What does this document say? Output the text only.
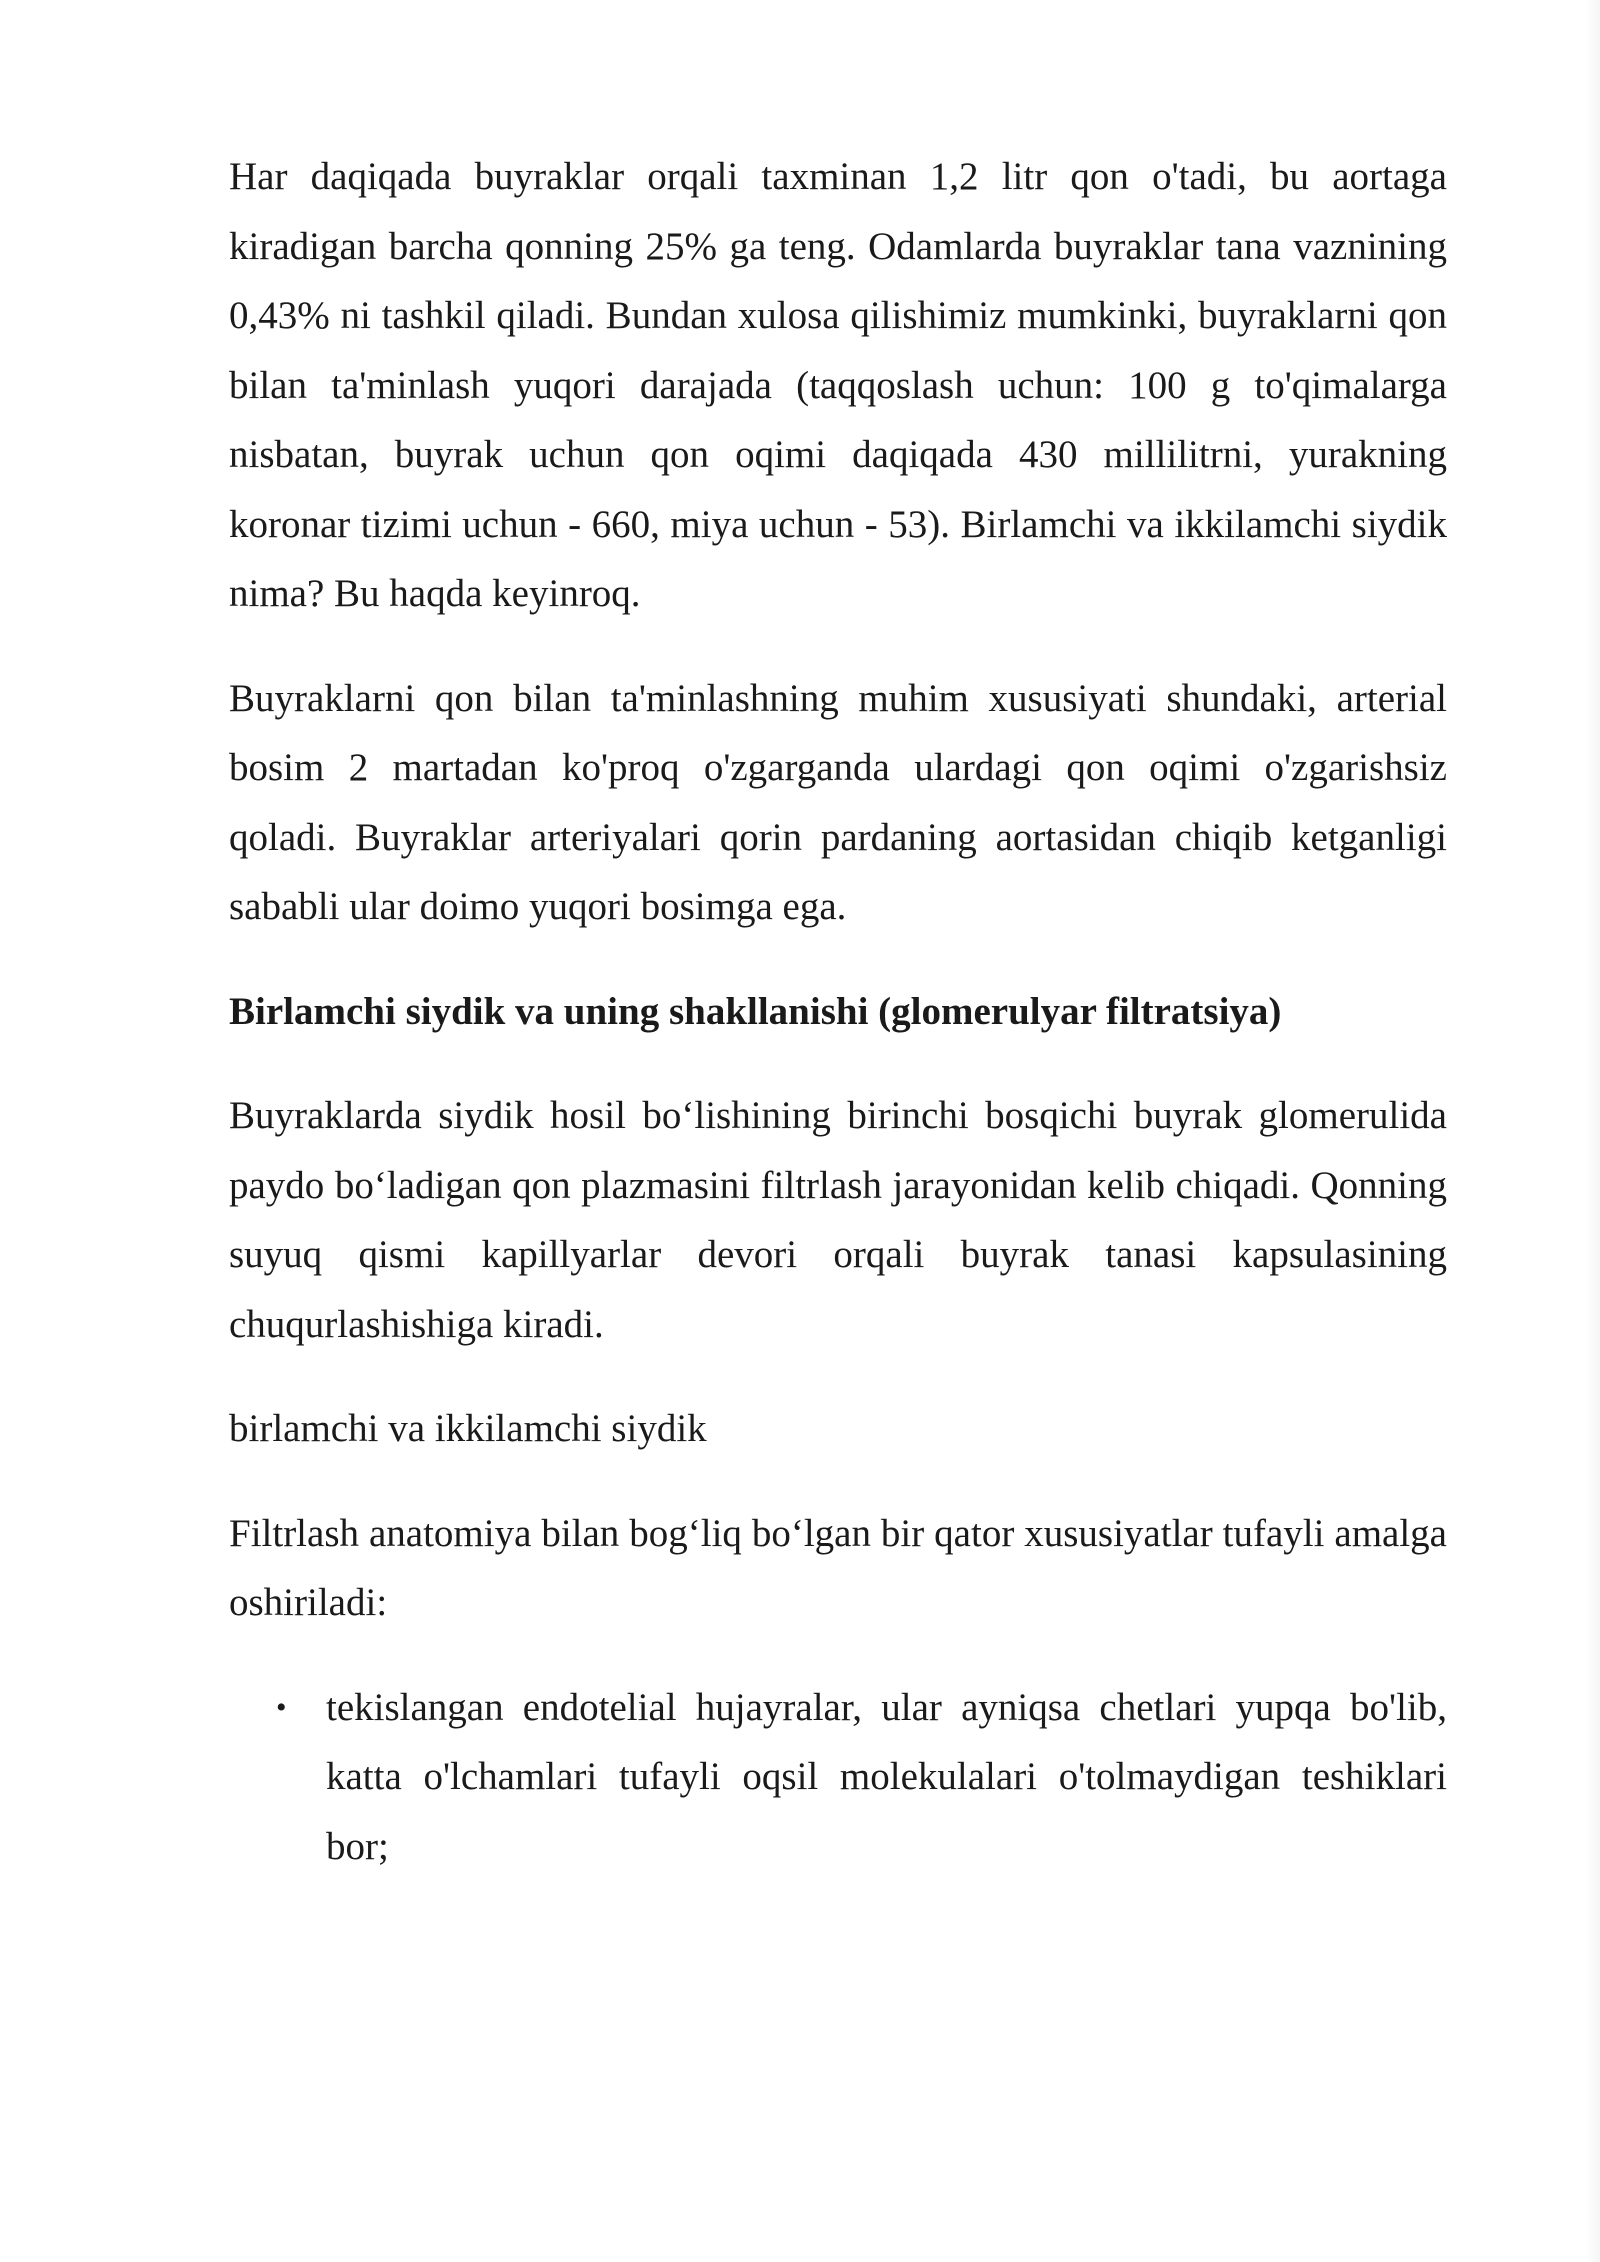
Har daqiqada buyraklar orqali taxminan 1,2 litr qon o'tadi, bu aortaga kiradigan barcha qonning 25% ga teng. Odamlarda buyraklar tana vaznining 0,43% ni tashkil qiladi. Bundan xulosa qilishimiz mumkinki, buyraklarni qon bilan ta'minlash yuqori darajada (taqqoslash uchun: 100 g to'qimalarga nisbatan, buyrak uchun qon oqimi daqiqada 430 millilitrni, yurakning koronar tizimi uchun - 660, miya uchun - 53). Birlamchi va ikkilamchi siydik nima? Bu haqda keyinroq.

Buyraklarni qon bilan ta'minlashning muhim xususiyati shundaki, arterial bosim 2 martadan ko'proq o'zgarganda ulardagi qon oqimi o'zgarishsiz qoladi. Buyraklar arteriyalari qorin pardaning aortasidan chiqib ketganligi sababli ular doimo yuqori bosimga ega.

Birlamchi siydik va uning shakllanishi (glomerulyar filtratsiya)

Buyraklarda siydik hosil bo‘lishining birinchi bosqichi buyrak glomerulida paydo bo‘ladigan qon plazmasini filtrlash jarayonidan kelib chiqadi. Qonning suyuq qismi kapillyarlar devori orqali buyrak tanasi kapsulasining chuqurlashishiga kiradi.

birlamchi va ikkilamchi siydik

Filtrlash anatomiya bilan bog‘liq bo‘lgan bir qator xususiyatlar tufayli amalga oshiriladi:

• tekislangan endotelial hujayralar, ular ayniqsa chetlari yupqa bo'lib, katta o'lchamlari tufayli oqsil molekulalari o'tolmaydigan teshiklari bor;
